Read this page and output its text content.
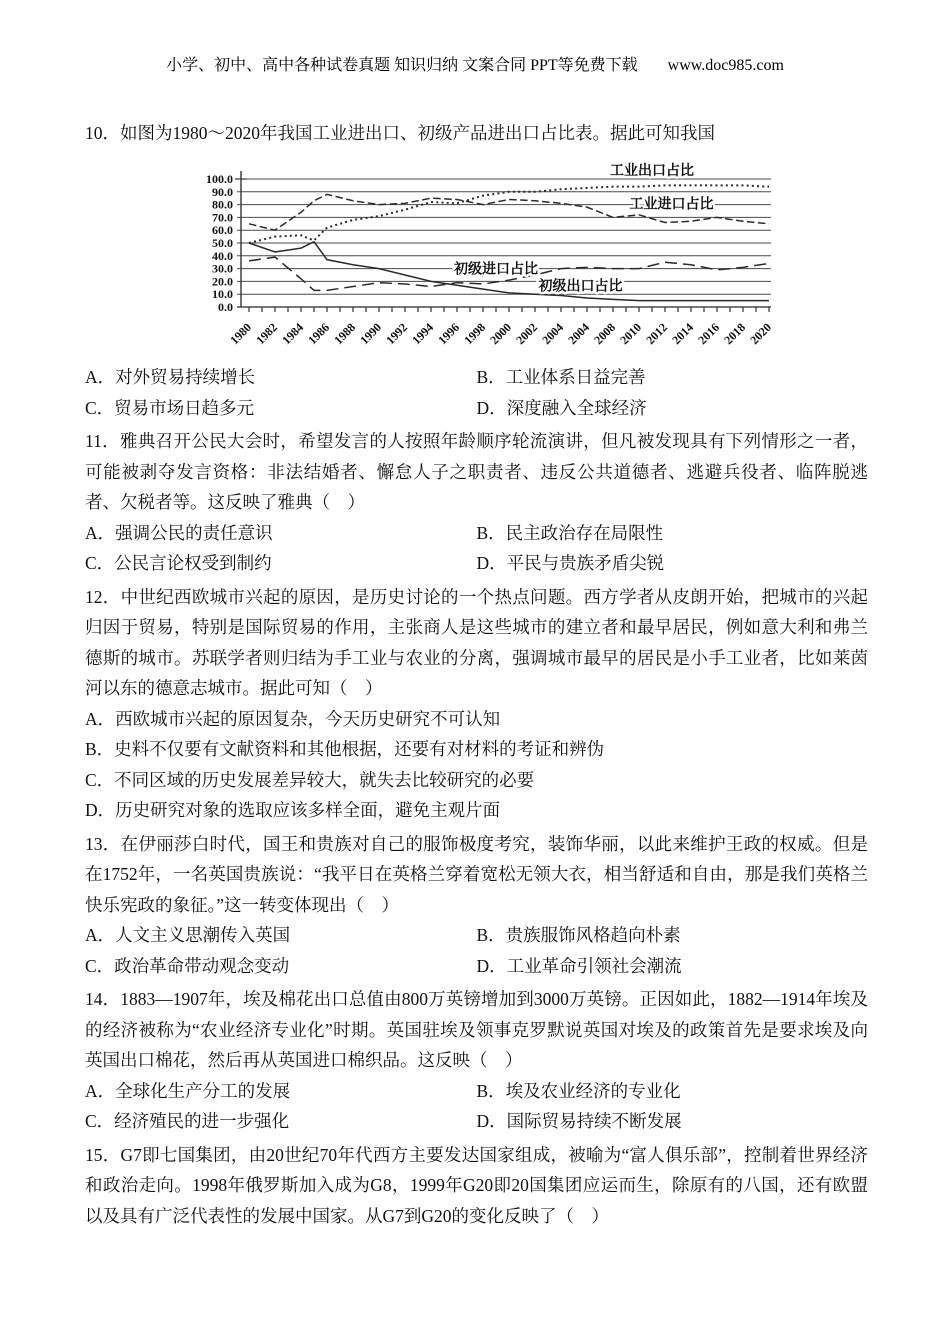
小学、初中、高中各种试卷真题 知识归纳 文案合同 PPT等免费下载 www.doc985.com

10．如图为1980～2020年我国工业进出口、初级产品进出口占比表。据此可知我国

100.0
90.0
80.0
70.0
60.0
50.0
40.0
30.0
20.0
10.0
0.0
1980 1982 1984 1986 1988 1990 1992 1994 1996 1998 2000 2002 2004 2004 2008 2010 2012 2014 2016 2018 2020
工业出口占比
工业进口占比
初级进口占比
初级出口占比
A．对外贸易持续增长	B．工业体系日益完善
C．贸易市场日趋多元	D．深度融入全球经济

11．雅典召开公民大会时，希望发言的人按照年龄顺序轮流演讲，但凡被发现具有下列情形之一者，可能被剥夺发言资格：非法结婚者、懈怠人子之职责者、违反公共道德者、逃避兵役者、临阵脱逃者、欠税者等。这反映了雅典（　）

A．强调公民的责任意识	B．民主政治存在局限性
C．公民言论权受到制约	D．平民与贵族矛盾尖锐

12．中世纪西欧城市兴起的原因，是历史讨论的一个热点问题。西方学者从皮朗开始，把城市的兴起归因于贸易，特别是国际贸易的作用，主张商人是这些城市的建立者和最早居民，例如意大利和弗兰德斯的城市。苏联学者则归结为手工业与农业的分离，强调城市最早的居民是小手工业者，比如莱茵河以东的德意志城市。据此可知（　）

A．西欧城市兴起的原因复杂，今天历史研究不可认知
B．史料不仅要有文献资料和其他根据，还要有对材料的考证和辨伪
C．不同区域的历史发展差异较大，就失去比较研究的必要
D．历史研究对象的选取应该多样全面，避免主观片面

13．在伊丽莎白时代，国王和贵族对自己的服饰极度考究，装饰华丽，以此来维护王政的权威。但是在1752年，一名英国贵族说：“我平日在英格兰穿着宽松无领大衣，相当舒适和自由，那是我们英格兰快乐宪政的象征。”这一转变体现出（　）

A．人文主义思潮传入英国	B．贵族服饰风格趋向朴素
C．政治革命带动观念变动	D．工业革命引领社会潮流

14．1883—1907年，埃及棉花出口总值由800万英镑增加到3000万英镑。正因如此，1882—1914年埃及的经济被称为“农业经济专业化”时期。英国驻埃及领事克罗默说英国对埃及的政策首先是要求埃及向英国出口棉花，然后再从英国进口棉织品。这反映（　）

A．全球化生产分工的发展	B．埃及农业经济的专业化
C．经济殖民的进一步强化	D．国际贸易持续不断发展

15．G7即七国集团，由20世纪70年代西方主要发达国家组成，被喻为“富人俱乐部”，控制着世界经济和政治走向。1998年俄罗斯加入成为G8，1999年G20即20国集团应运而生，除原有的八国，还有欧盟以及具有广泛代表性的发展中国家。从G7到G20的变化反映了（　）
